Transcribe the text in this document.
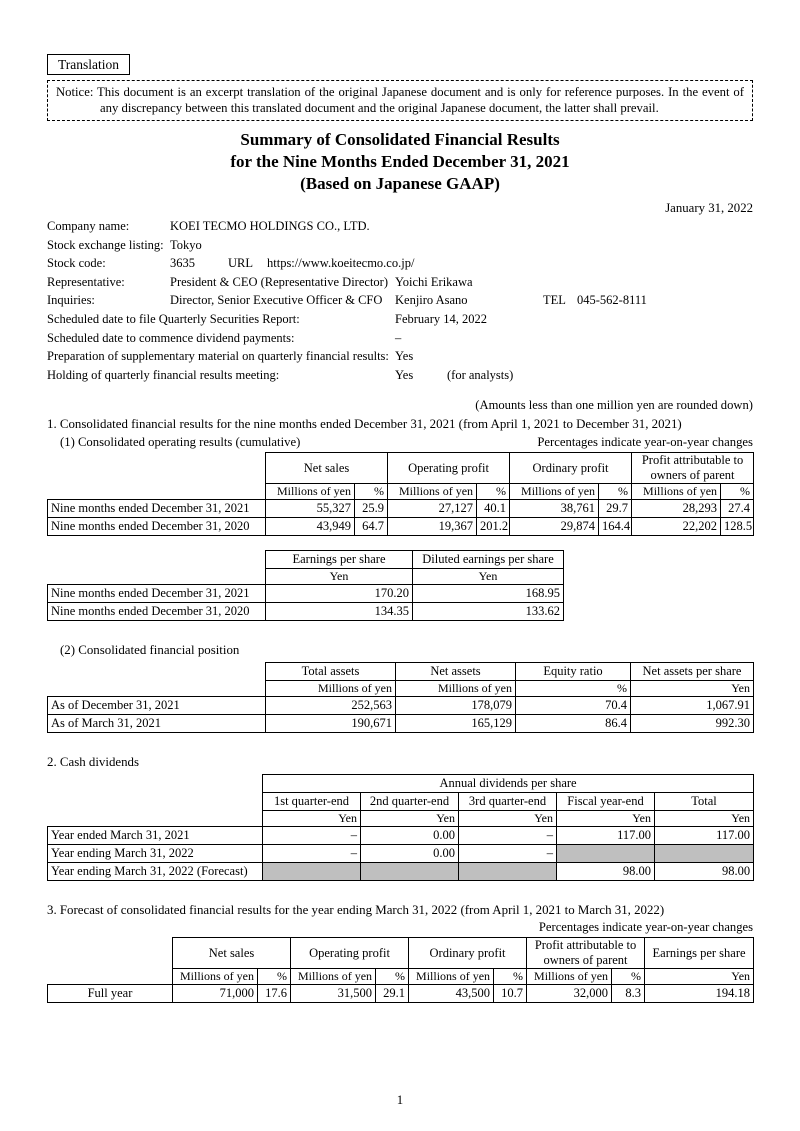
Translation

Notice: This document is an excerpt translation of the original Japanese document and is only for reference purposes. In the event of any discrepancy between this translated document and the original Japanese document, the latter shall prevail.

Summary of Consolidated Financial Results
for the Nine Months Ended December 31, 2021
(Based on Japanese GAAP)
January 31, 2022
Company name:	KOEI TECMO HOLDINGS CO., LTD.
Stock exchange listing: Tokyo
Stock code:	3635	URL https://www.koeitecmo.co.jp/
Representative:	President & CEO (Representative Director) Yoichi Erikawa
Inquiries:	Director, Senior Executive Officer & CFO Kenjiro Asano	TEL 045-562-8111
Scheduled date to file Quarterly Securities Report:	February 14, 2022
Scheduled date to commence dividend payments:	–
Preparation of supplementary material on quarterly financial results: Yes
Holding of quarterly financial results meeting:	Yes	(for analysts)
(Amounts less than one million yen are rounded down)
1. Consolidated financial results for the nine months ended December 31, 2021 (from April 1, 2021 to December 31, 2021)
(1) Consolidated operating results (cumulative)	Percentages indicate year-on-year changes
	Net sales		Operating profit		Ordinary profit		Profit attributable to owners of parent	
	Millions of yen	%	Millions of yen	%	Millions of yen	%	Millions of yen	%
Nine months ended December 31, 2021	55,327	25.9	27,127	40.1	38,761	29.7	28,293	27.4
Nine months ended December 31, 2020	43,949	64.7	19,367	201.2	29,874	164.4	22,202	128.5
	Earnings per share	Diluted earnings per share
	Yen	Yen
Nine months ended December 31, 2021	170.20	168.95
Nine months ended December 31, 2020	134.35	133.62
(2) Consolidated financial position
	Total assets	Net assets	Equity ratio	Net assets per share
	Millions of yen	Millions of yen	%	Yen
As of December 31, 2021	252,563	178,079	70.4	1,067.91
As of March 31, 2021	190,671	165,129	86.4	992.30
2. Cash dividends
	Annual dividends per share				
	1st quarter-end	2nd quarter-end	3rd quarter-end	Fiscal year-end	Total
	Yen	Yen	Yen	Yen	Yen
Year ended March 31, 2021	–	0.00	–	117.00	117.00
Year ending March 31, 2022	–	0.00	–		
Year ending March 31, 2022 (Forecast)				98.00	98.00
3. Forecast of consolidated financial results for the year ending March 31, 2022 (from April 1, 2021 to March 31, 2022)
Percentages indicate year-on-year changes
	Net sales		Operating profit		Ordinary profit		Profit attributable to owners of parent		Earnings per share
	Millions of yen	%	Millions of yen	%	Millions of yen	%	Millions of yen	%	Yen
Full year	71,000	17.6	31,500	29.1	43,500	10.7	32,000	8.3	194.18
1
